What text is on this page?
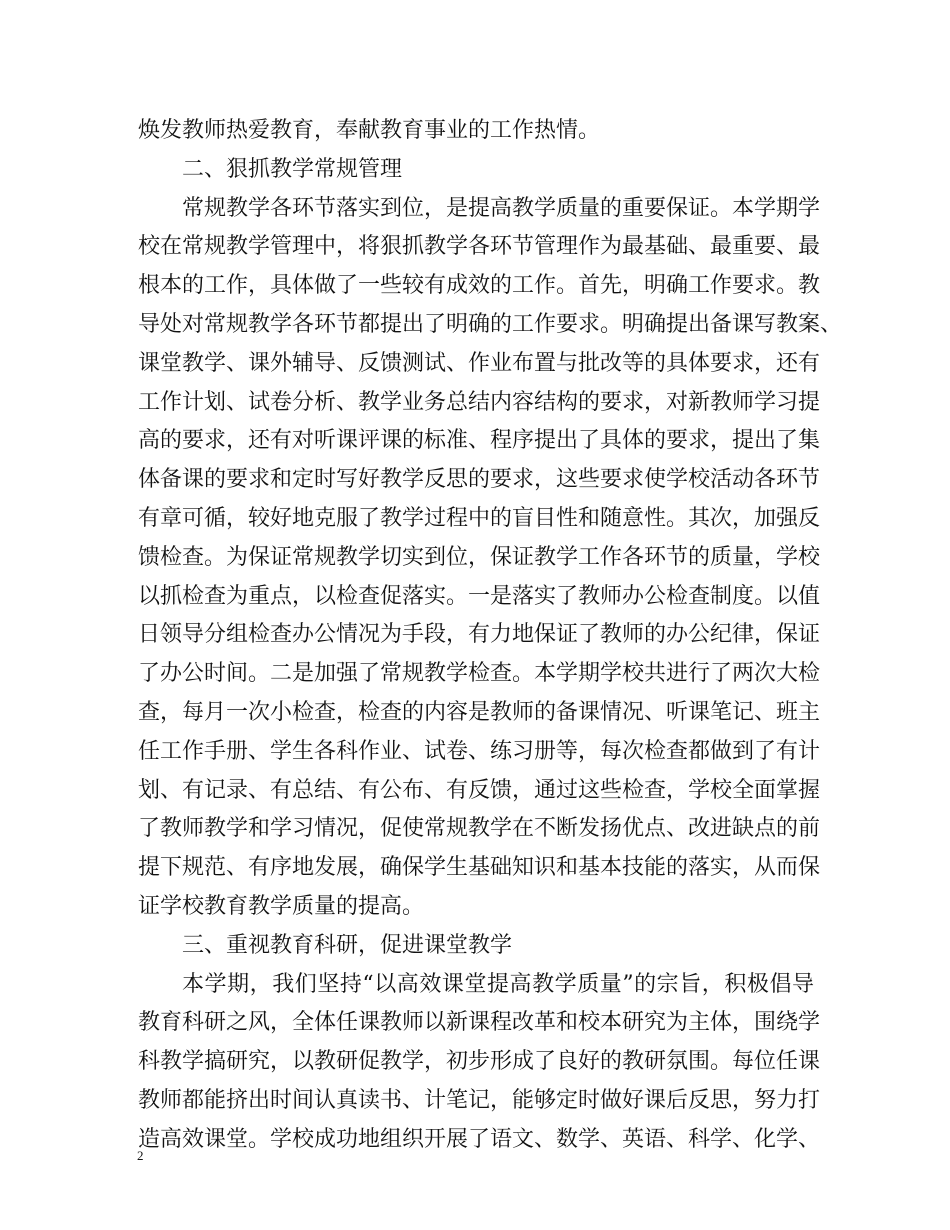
焕发教师热爱教育，奉献教育事业的工作热情。
二、狠抓教学常规管理
常规教学各环节落实到位，是提高教学质量的重要保证。本学期学
校在常规教学管理中，将狠抓教学各环节管理作为最基础、最重要、最
根本的工作，具体做了一些较有成效的工作。首先，明确工作要求。教
导处对常规教学各环节都提出了明确的工作要求。明确提出备课写教案、
课堂教学、课外辅导、反馈测试、作业布置与批改等的具体要求，还有
工作计划、试卷分析、教学业务总结内容结构的要求，对新教师学习提
高的要求，还有对听课评课的标准、程序提出了具体的要求，提出了集
体备课的要求和定时写好教学反思的要求，这些要求使学校活动各环节
有章可循，较好地克服了教学过程中的盲目性和随意性。其次，加强反
馈检查。为保证常规教学切实到位，保证教学工作各环节的质量，学校
以抓检查为重点，以检查促落实。一是落实了教师办公检查制度。以值
日领导分组检查办公情况为手段，有力地保证了教师的办公纪律，保证
了办公时间。二是加强了常规教学检查。本学期学校共进行了两次大检
查，每月一次小检查，检查的内容是教师的备课情况、听课笔记、班主
任工作手册、学生各科作业、试卷、练习册等，每次检查都做到了有计
划、有记录、有总结、有公布、有反馈，通过这些检查，学校全面掌握
了教师教学和学习情况，促使常规教学在不断发扬优点、改进缺点的前
提下规范、有序地发展，确保学生基础知识和基本技能的落实，从而保
证学校教育教学质量的提高。
三、重视教育科研，促进课堂教学
本学期，我们坚持“以高效课堂提高教学质量”的宗旨，积极倡导
教育科研之风，全体任课教师以新课程改革和校本研究为主体，围绕学
科教学搞研究，以教研促教学，初步形成了良好的教研氛围。每位任课
教师都能挤出时间认真读书、计笔记，能够定时做好课后反思，努力打
造高效课堂。学校成功地组织开展了语文、数学、英语、科学、化学、
2
